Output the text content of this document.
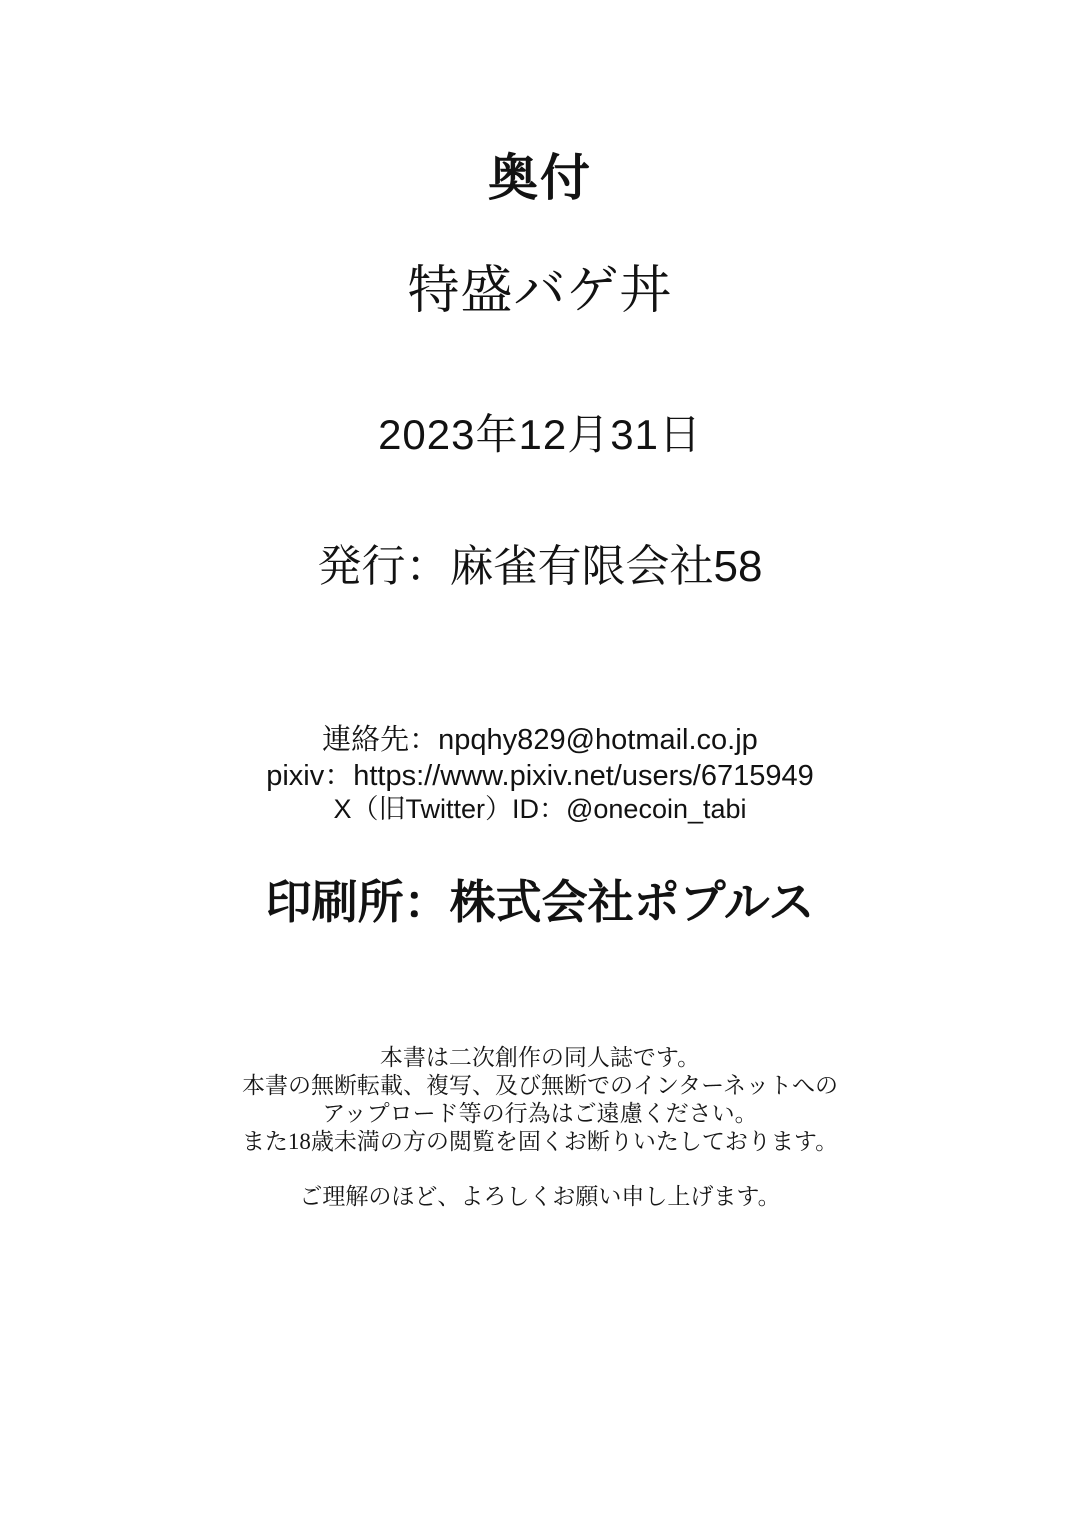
奥付
特盛バゲ丼
2023年12月31日
発行：麻雀有限会社58
連絡先：npqhy829@hotmail.co.jp
pixiv：https://www.pixiv.net/users/6715949
X（旧Twitter）ID：@onecoin_tabi
印刷所：株式会社ポプルス
本書は二次創作の同人誌です。
本書の無断転載、複写、及び無断でのインターネットへの
アップロード等の行為はご遠慮ください。
また18歳未満の方の閲覧を固くお断りいたしております。
ご理解のほど、よろしくお願い申し上げます。
